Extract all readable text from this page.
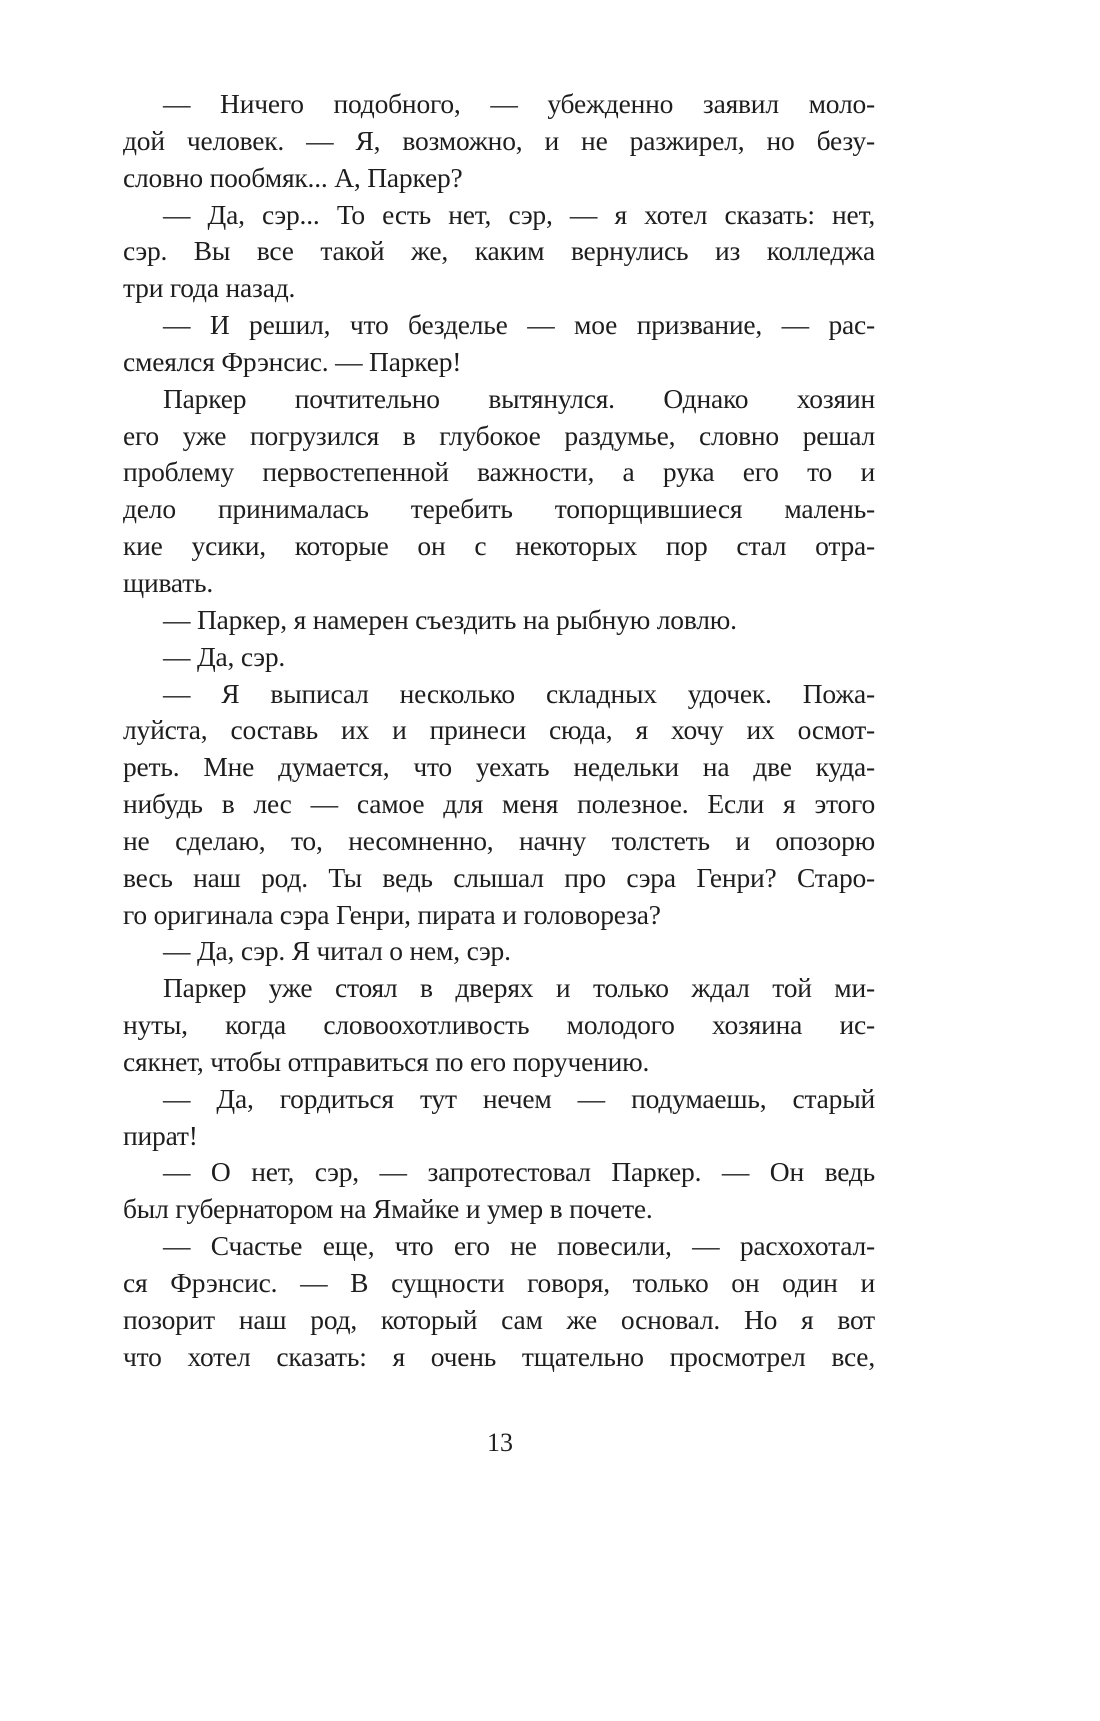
— Ничего подобного, — убежденно заявил моло-
дой человек. — Я, возможно, и не разжирел, но безу-
словно пообмяк... А, Паркер?
— Да, сэр... То есть нет, сэр, — я хотел сказать: нет,
сэр. Вы все такой же, каким вернулись из колледжа
три года назад.
— И решил, что безделье — мое призвание, — рас-
смеялся Фрэнсис. — Паркер!
Паркер почтительно вытянулся. Однако хозяин
его уже погрузился в глубокое раздумье, словно решал
проблему первостепенной важности, а рука его то и
дело принималась теребить топорщившиеся малень-
кие усики, которые он с некоторых пор стал отра-
щивать.
— Паркер, я намерен съездить на рыбную ловлю.
— Да, сэр.
— Я выписал несколько складных удочек. Пожа-
луйста, составь их и принеси сюда, я хочу их осмот-
реть. Мне думается, что уехать недельки на две куда-
нибудь в лес — самое для меня полезное. Если я этого
не сделаю, то, несомненно, начну толстеть и опозорю
весь наш род. Ты ведь слышал про сэра Генри? Старо-
го оригинала сэра Генри, пирата и головореза?
— Да, сэр. Я читал о нем, сэр.
Паркер уже стоял в дверях и только ждал той ми-
нуты, когда словоохотливость молодого хозяина ис-
сякнет, чтобы отправиться по его поручению.
— Да, гордиться тут нечем — подумаешь, старый
пират!
— О нет, сэр, — запротестовал Паркер. — Он ведь
был губернатором на Ямайке и умер в почете.
— Счастье еще, что его не повесили, — расхохотал-
ся Фрэнсис. — В сущности говоря, только он один и
позорит наш род, который сам же основал. Но я вот
что хотел сказать: я очень тщательно просмотрел все,
13
